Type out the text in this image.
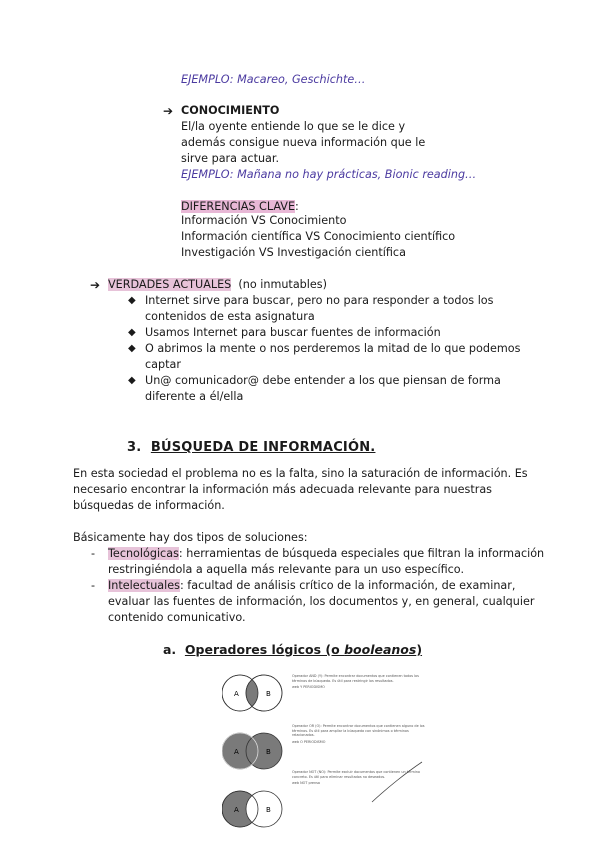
EJEMPLO: Macareo, Geschichte…
➔ CONOCIMIENTO
El/la oyente entiende lo que se le dice y
además consigue nueva información que le
sirve para actuar.
EJEMPLO: Mañana no hay prácticas, Bionic reading…
DIFERENCIAS CLAVE:
Información VS Conocimiento
Información científica VS Conocimiento científico
Investigación VS Investigación científica
➔ VERDADES ACTUALES (no inmutables)
◆ Internet sirve para buscar, pero no para responder a todos los
contenidos de esta asignatura
◆ Usamos Internet para buscar fuentes de información
◆ O abrimos la mente o nos perderemos la mitad de lo que podemos
captar
◆ Un@ comunicador@ debe entender a los que piensan de forma
diferente a él/ella
3. BÚSQUEDA DE INFORMACIÓN.
En esta sociedad el problema no es la falta, sino la saturación de información. Es
necesario encontrar la información más adecuada relevante para nuestras
búsquedas de información.
Básicamente hay dos tipos de soluciones:
- Tecnológicas: herramientas de búsqueda especiales que filtran la información
restringiéndola a aquella más relevante para un uso específico.
- Intelectuales: facultad de análisis crítico de la información, de examinar,
evaluar las fuentes de información, los documentos y, en general, cualquier
contenido comunicativo.
a. Operadores lógicos (o booleanos)
A	B
A	B
A	B
Operador AND (Y): Permite encontrar documentos que contienen todos los términos de búsqueda. Es útil para restringir los resultados.
web Y PERIODISMO
Operador OR (O): Permite encontrar documentos que contienen alguno de los términos. Es útil para ampliar la búsqueda con sinónimos o términos relacionados.
web O PERIODISMO
Operador NOT (NO): Permite excluir documentos que contienen un término concreto. Es útil para eliminar resultados no deseados.
web NOT prensa
